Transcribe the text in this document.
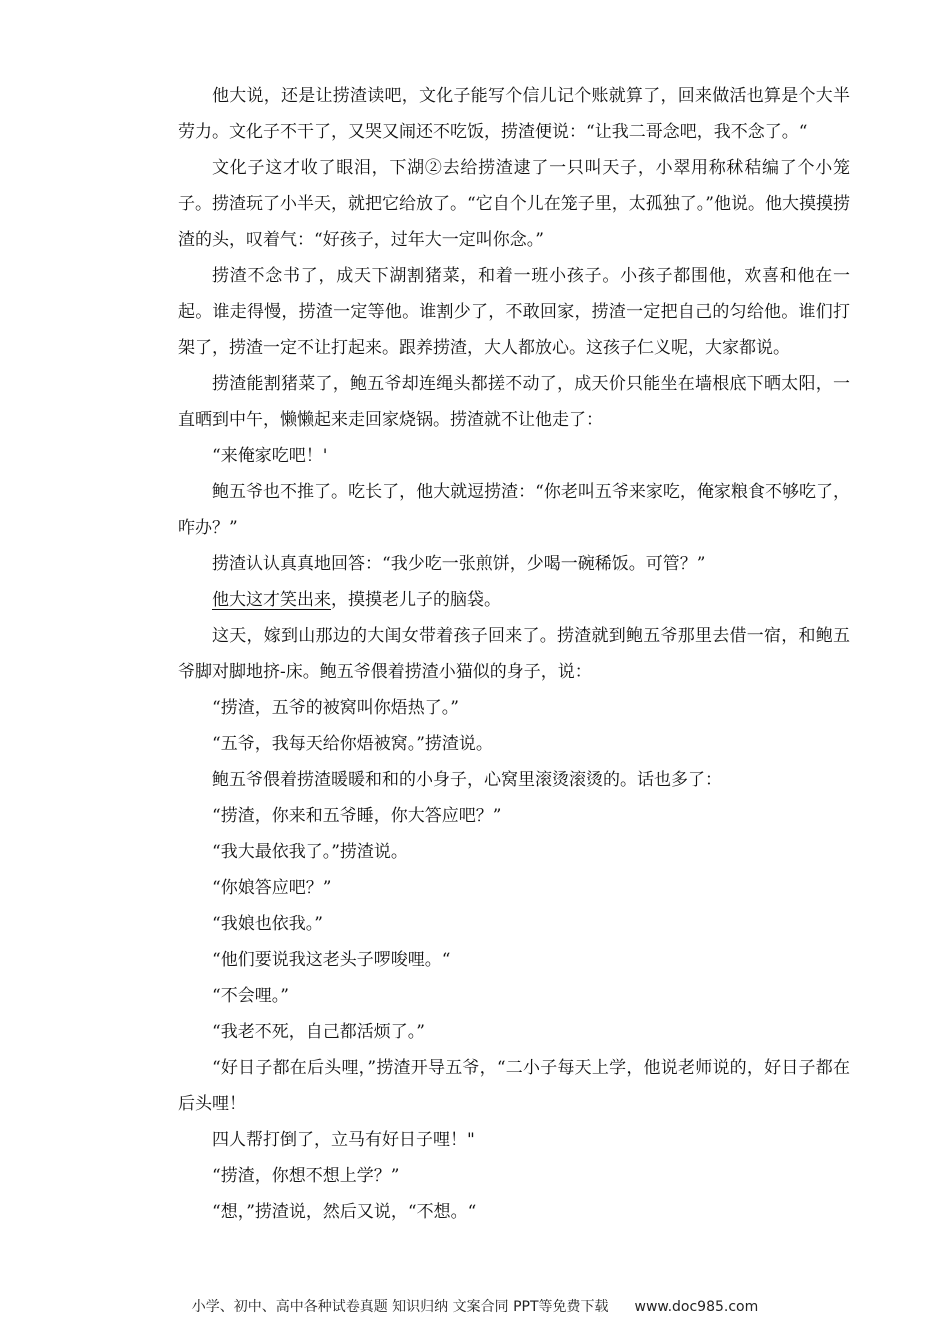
他大说，还是让捞渣读吧，文化子能写个信儿记个账就算了，回来做活也算是个大半劳力。文化子不干了，又哭又闹还不吃饭，捞渣便说：“让我二哥念吧，我不念了。“

文化子这才收了眼泪，下湖②去给捞渣逮了一只叫天子，小翠用称秫秸编了个小笼子。捞渣玩了小半天，就把它给放了。“它自个儿在笼子里，太孤独了。”他说。他大摸摸捞渣的头，叹着气：“好孩子，过年大一定叫你念。”

捞渣不念书了，成天下湖割猪菜，和着一班小孩子。小孩子都围他，欢喜和他在一起。谁走得慢，捞渣一定等他。谁割少了，不敢回家，捞渣一定把自己的匀给他。谁们打架了，捞渣一定不让打起来。跟养捞渣，大人都放心。这孩子仁义呢，大家都说。

捞渣能割猪菜了，鲍五爷却连绳头都搓不动了，成天价只能坐在墙根底下晒太阳，一直晒到中午，懒懒起来走回家烧锅。捞渣就不让他走了：

“来俺家吃吧！'

鲍五爷也不推了。吃长了，他大就逗捞渣：“你老叫五爷来家吃，俺家粮食不够吃了，咋办？”

捞渣认认真真地回答：“我少吃一张煎饼，少喝一碗稀饭。可管？”

他大这才笑出来，摸摸老儿子的脑袋。

这天，嫁到山那边的大闺女带着孩子回来了。捞渣就到鲍五爷那里去借一宿，和鲍五爷脚对脚地挤-床。鲍五爷偎着捞渣小猫似的身子，说：

“捞渣，五爷的被窝叫你焐热了。”

“五爷，我每天给你焐被窝。”捞渣说。

鲍五爷偎着捞渣暖暖和和的小身子，心窝里滚烫滚烫的。话也多了：

“捞渣，你来和五爷睡，你大答应吧？”

“我大最依我了。”捞渣说。

“你娘答应吧？”

“我娘也依我。”

“他们要说我这老头子啰唆哩。“

“不会哩。”

“我老不死，自己都活烦了。”

“好日子都在后头哩，”捞渣开导五爷，“二小子每天上学，他说老师说的，好日子都在后头哩！

四人帮打倒了，立马有好日子哩！"

“捞渣，你想不想上学？”

“想，”捞渣说，然后又说，“不想。“

小学、初中、高中各种试卷真题 知识归纳 文案合同 PPT等免费下载 www.doc985.com
